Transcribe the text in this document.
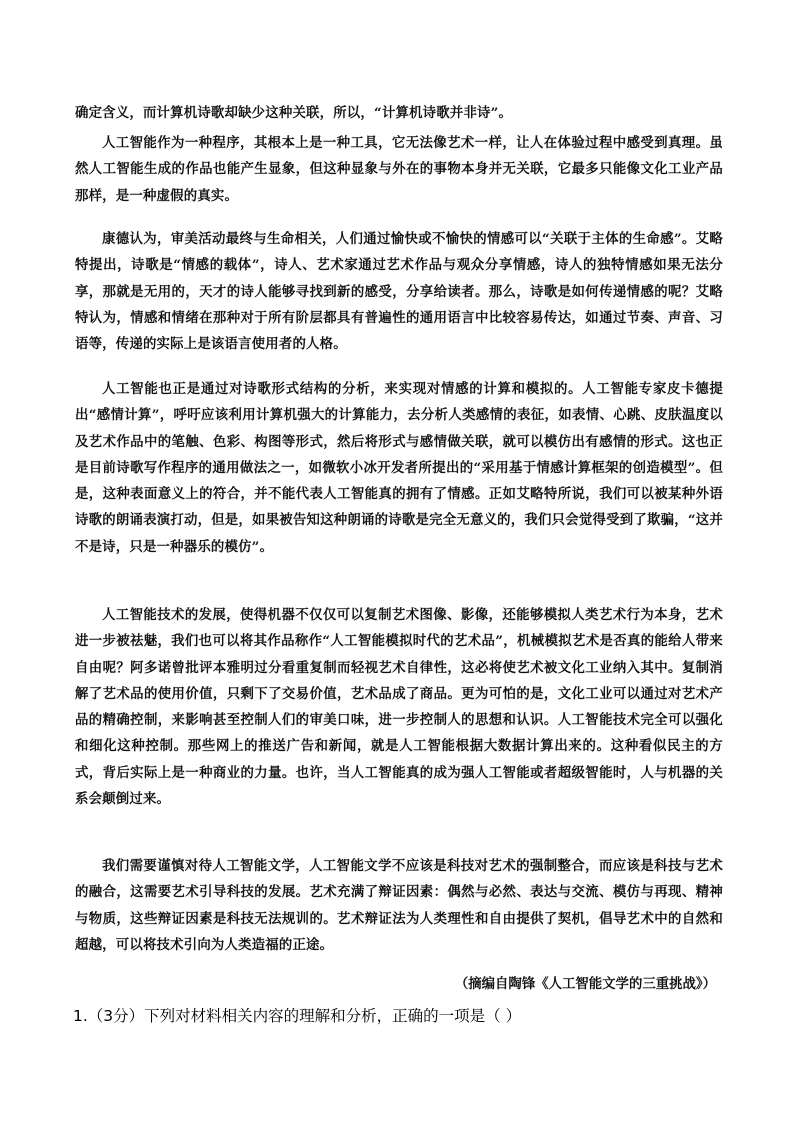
确定含义，而计算机诗歌却缺少这种关联，所以，“计算机诗歌并非诗”。

人工智能作为一种程序，其根本上是一种工具，它无法像艺术一样，让人在体验过程中感受到真理。虽然人工智能生成的作品也能产生显象，但这种显象与外在的事物本身并无关联，它最多只能像文化工业产品那样，是一种虚假的真实。

康德认为，审美活动最终与生命相关，人们通过愉快或不愉快的情感可以“关联于主体的生命感”。艾略特提出，诗歌是“情感的载体”，诗人、艺术家通过艺术作品与观众分享情感，诗人的独特情感如果无法分享，那就是无用的，天才的诗人能够寻找到新的感受，分享给读者。那么，诗歌是如何传递情感的呢？艾略特认为，情感和情绪在那种对于所有阶层都具有普遍性的通用语言中比较容易传达，如通过节奏、声音、习语等，传递的实际上是该语言使用者的人格。

人工智能也正是通过对诗歌形式结构的分析，来实现对情感的计算和模拟的。人工智能专家皮卡德提出“感情计算”，呼吁应该利用计算机强大的计算能力，去分析人类感情的表征，如表情、心跳、皮肤温度以及艺术作品中的笔触、色彩、构图等形式，然后将形式与感情做关联，就可以模仿出有感情的形式。这也正是目前诗歌写作程序的通用做法之一，如微软小冰开发者所提出的“采用基于情感计算框架的创造模型”。但是，这种表面意义上的符合，并不能代表人工智能真的拥有了情感。正如艾略特所说，我们可以被某种外语诗歌的朗诵表演打动，但是，如果被告知这种朗诵的诗歌是完全无意义的，我们只会觉得受到了欺骗，“这并不是诗，只是一种器乐的模仿”。

人工智能技术的发展，使得机器不仅仅可以复制艺术图像、影像，还能够模拟人类艺术行为本身，艺术进一步被祛魅，我们也可以将其作品称作“人工智能模拟时代的艺术品”，机械模拟艺术是否真的能给人带来自由呢？阿多诺曾批评本雅明过分看重复制而轻视艺术自律性，这必将使艺术被文化工业纳入其中。复制消解了艺术品的使用价值，只剩下了交易价值，艺术品成了商品。更为可怕的是，文化工业可以通过对艺术产品的精确控制，来影响甚至控制人们的审美口味，进一步控制人的思想和认识。人工智能技术完全可以强化和细化这种控制。那些网上的推送广告和新闻，就是人工智能根据大数据计算出来的。这种看似民主的方式，背后实际上是一种商业的力量。也许，当人工智能真的成为强人工智能或者超级智能时，人与机器的关系会颠倒过来。

我们需要谨慎对待人工智能文学，人工智能文学不应该是科技对艺术的强制整合，而应该是科技与艺术的融合，这需要艺术引导科技的发展。艺术充满了辩证因素：偶然与必然、表达与交流、模仿与再现、精神与物质，这些辩证因素是科技无法规训的。艺术辩证法为人类理性和自由提供了契机，倡导艺术中的自然和超越，可以将技术引向为人类造福的正途。

（摘编自陶锋《人工智能文学的三重挑战》）

1.（3分）下列对材料相关内容的理解和分析，正确的一项是（ ）
